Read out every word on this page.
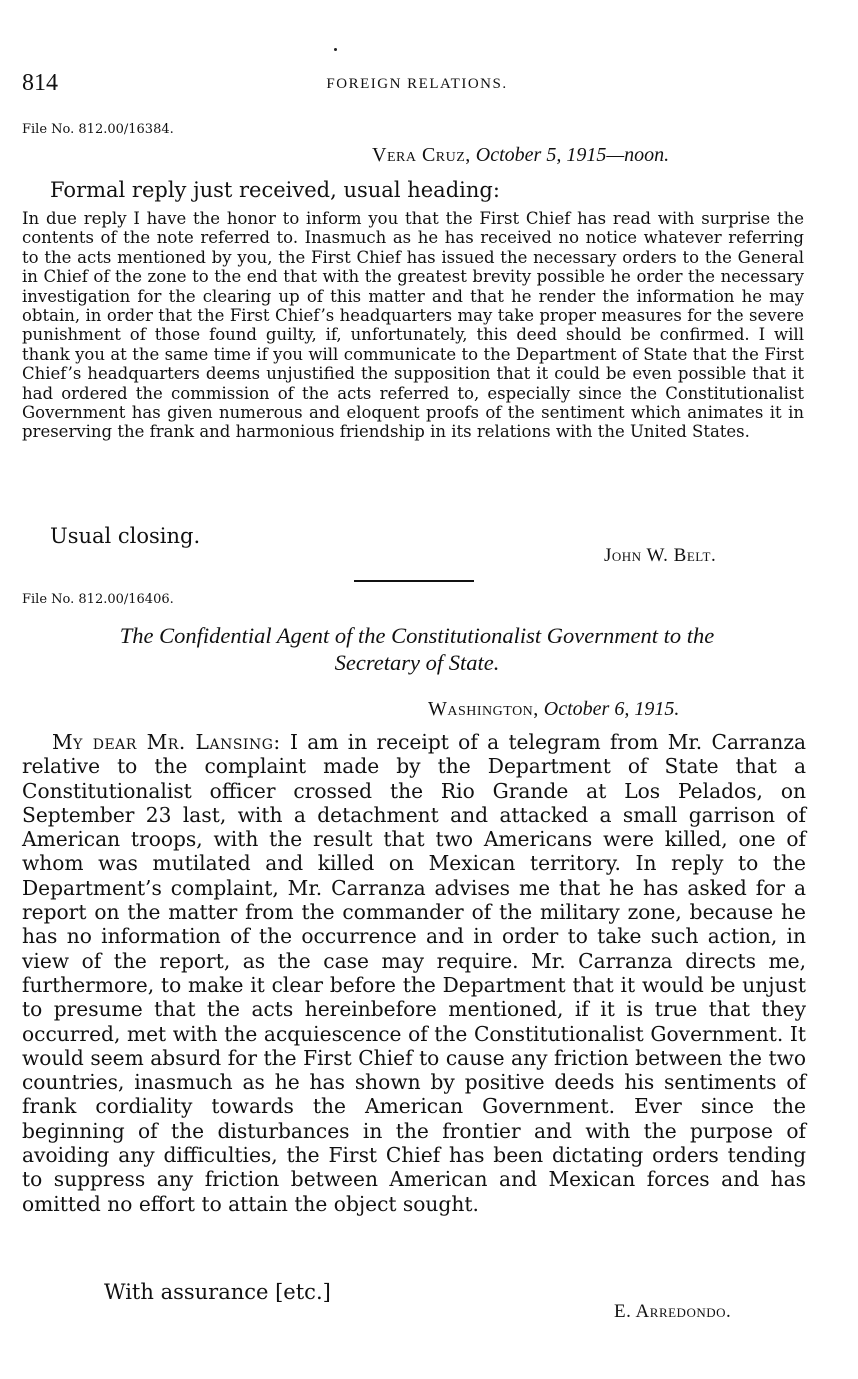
814	FOREIGN RELATIONS.
File No. 812.00/16384.
Vera Cruz, October 5, 1915—noon.
Formal reply just received, usual heading:

In due reply I have the honor to inform you that the First Chief has read with surprise the contents of the note referred to. Inasmuch as he has received no notice whatever referring to the acts mentioned by you, the First Chief has issued the necessary orders to the General in Chief of the zone to the end that with the greatest brevity possible he order the necessary investigation for the clearing up of this matter and that he render the information he may obtain, in order that the First Chief’s headquarters may take proper measures for the severe punishment of those found guilty, if, unfortunately, this deed should be confirmed. I will thank you at the same time if you will communicate to the Department of State that the First Chief’s headquarters deems unjustified the supposition that it could be even possible that it had ordered the commission of the acts referred to, especially since the Constitutionalist Government has given numerous and eloquent proofs of the sentiment which animates it in preserving the frank and harmonious friendship in its relations with the United States.

Usual closing.
John W. Belt.
File No. 812.00/16406.

The Confidential Agent of the Constitutionalist Government to the
Secretary of State.

Washington, October 6, 1915.

My dear Mr. Lansing: I am in receipt of a telegram from Mr. Carranza relative to the complaint made by the Department of State that a Constitutionalist officer crossed the Rio Grande at Los Pelados, on September 23 last, with a detachment and attacked a small garrison of American troops, with the result that two Americans were killed, one of whom was mutilated and killed on Mexican territory. In reply to the Department’s complaint, Mr. Carranza advises me that he has asked for a report on the matter from the commander of the military zone, because he has no information of the occurrence and in order to take such action, in view of the report, as the case may require. Mr. Carranza directs me, furthermore, to make it clear before the Department that it would be unjust to presume that the acts hereinbefore mentioned, if it is true that they occurred, met with the acquiescence of the Constitutionalist Government. It would seem absurd for the First Chief to cause any friction between the two countries, inasmuch as he has shown by positive deeds his sentiments of frank cordiality towards the American Government. Ever since the beginning of the disturbances in the frontier and with the purpose of avoiding any difficulties, the First Chief has been dictating orders tending to suppress any friction between American and Mexican forces and has omitted no effort to attain the object sought.

With assurance [etc.]
E. Arredondo.
